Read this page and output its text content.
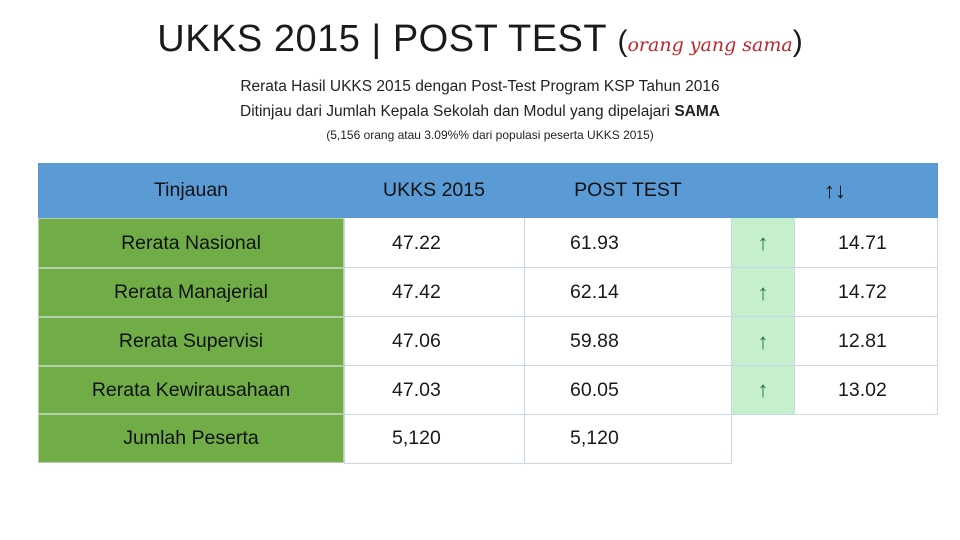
UKKS 2015 | POST TEST (orang yang sama)
Rerata Hasil UKKS 2015 dengan Post-Test Program KSP Tahun 2016
Ditinjau dari Jumlah Kepala Sekolah dan Modul yang dipelajari SAMA
(5,156 orang atau 3.09%% dari populasi peserta UKKS 2015)
Tinjauan	UKKS 2015	POST TEST	↑↓
Rerata Nasional	47.22	61.93	↑	14.71
Rerata Manajerial	47.42	62.14	↑	14.72
Rerata Supervisi	47.06	59.88	↑	12.81
Rerata Kewirausahaan	47.03	60.05	↑	13.02
Jumlah Peserta	5,120	5,120
